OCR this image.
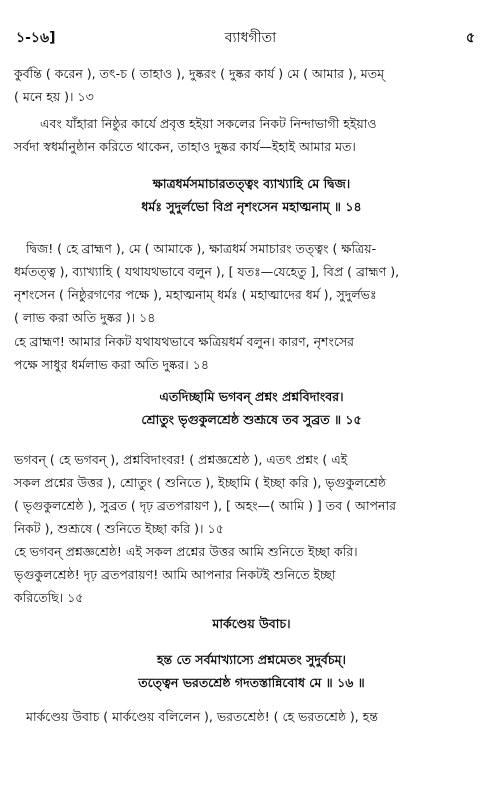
১-১৬]	ব্যাধগীতা	৫

কুর্বন্তি ( করেন ), তৎ-চ ( তাহাও ), দুষ্করং ( দুষ্কর কার্য ) মে ( আমার ), মতম্

( মনে হয় )। ১৩

এবং যাঁহারা নিষ্ঠুর কার্যে প্রবৃত্ত হইয়া সকলের নিকট নিন্দাভাগী হইয়াও

সর্বদা স্বধর্মানুষ্ঠান করিতে থাকেন, তাহাও দুষ্কর কার্য—ইহাই আমার মত।

ক্ষাত্রধর্মসমাচারতত্ত্বং ব্যাখ্যাহি মে দ্বিজ।

ধর্মঃ সুদুর্লভো বিপ্র নৃশংসেন মহাত্মনাম্‌ ॥ ১৪

দ্বিজ! ( হে ব্রাহ্মণ ), মে ( আমাকে ), ক্ষাত্রধর্ম সমাচারং তত্ত্বং ( ক্ষত্রিয়-

ধর্মতত্ত্ব ), ব্যাখ্যাহি ( যথাযথভাবে বলুন ), [ যতঃ—যেহেতু ], বিপ্র ( ব্রাহ্মণ ),

নৃশংসেন ( নিষ্ঠুরগণের পক্ষে ), মহাত্মনাম্‌ ধর্মঃ ( মহাত্মাদের ধর্ম ), সুদুর্লভঃ

( লাভ করা অতি দুষ্কর )। ১৪

হে ব্রাহ্মণ! আমার নিকট যথাযথভাবে ক্ষত্রিয়ধর্ম বলুন। কারণ, নৃশংসের

পক্ষে সাধুর ধর্মলাভ করা অতি দুষ্কর। ১৪

এতদিচ্ছামি ভগবন্‌ প্রশ্নং প্রশ্নবিদাংবর।

শ্রোতুং ভৃগুকুলশ্রেষ্ঠ শুশ্রূষে তব সুব্রত ॥ ১৫

ভগবন্‌ ( হে ভগবন্‌ ), প্রশ্নবিদাংবর! ( প্রশ্নজ্ঞশ্রেষ্ঠ ), এতৎ প্রশ্নং ( এই

সকল প্রশ্নের উত্তর ), শ্রোতুং ( শুনিতে ), ইচ্ছামি ( ইচ্ছা করি ), ভৃগুকুলশ্রেষ্ঠ

( ভৃগুকুলশ্রেষ্ঠ ), সুব্রত ( দৃঢ় ব্রতপরায়ণ ), [ অহং—( আমি ) ] তব ( আপনার

নিকট ), শুশ্রূষে ( শুনিতে ইচ্ছা করি )। ১৫

হে ভগবন্‌ প্রশ্নজ্ঞশ্রেষ্ঠ! এই সকল প্রশ্নের উত্তর আমি শুনিতে ইচ্ছা করি।

ভৃগুকুলশ্রেষ্ঠ! দৃঢ় ব্রতপরায়ণ! আমি আপনার নিকটই শুনিতে ইচ্ছা

করিতেছি। ১৫

মার্কণ্ডেয় উবাচ।

হন্ত তে সর্বমাখ্যাস্যে প্রশ্নমেতং সুদুর্বচম্‌।

তত্ত্বেন ভরতশ্রেষ্ঠ গদতস্তান্নিবোধ মে ॥ ১৬ ॥

মার্কণ্ডেয় উবাচ ( মার্কণ্ডেয় বলিলেন ), ভরতশ্রেষ্ঠ! ( হে ভরতশ্রেষ্ঠ ), হন্ত
